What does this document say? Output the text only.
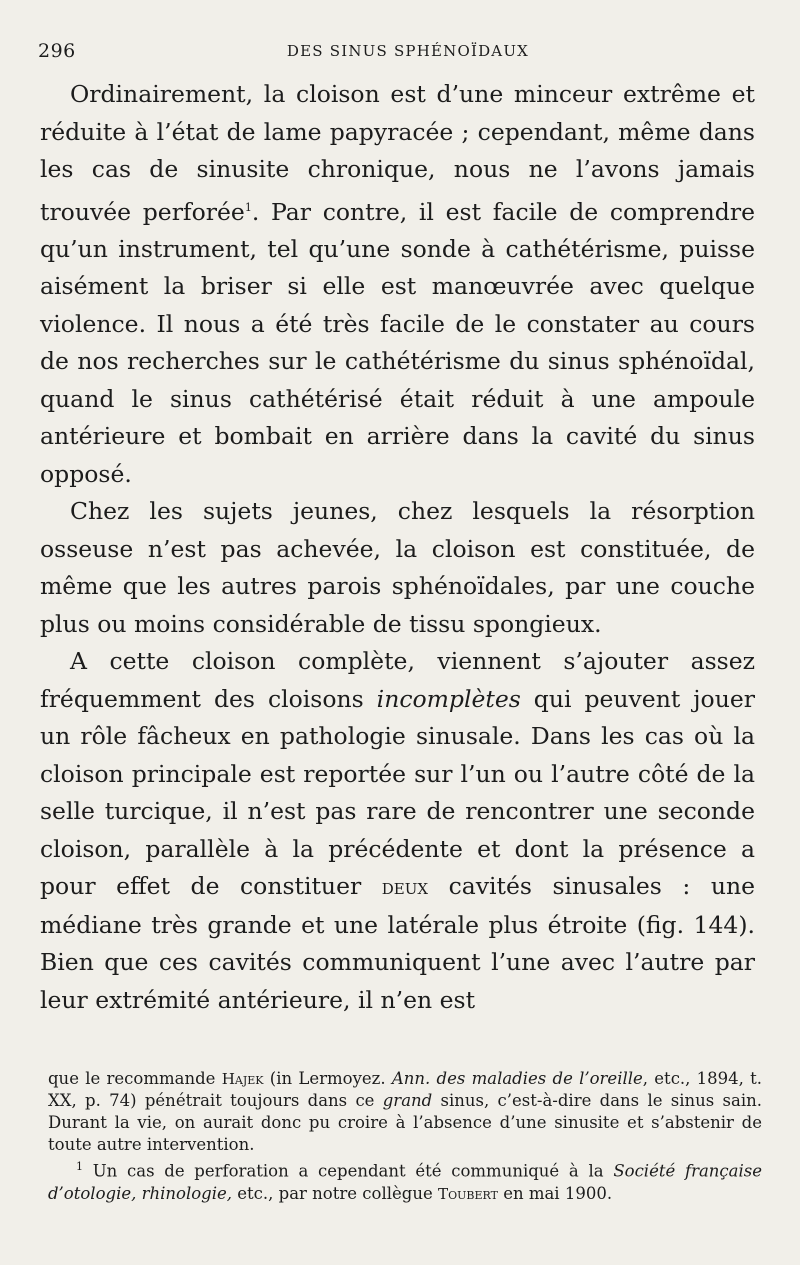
296	DES SINUS SPHÉNOÏDAUX

Ordinairement, la cloison est d’une minceur extrême et réduite à l’état de lame papyracée ; cependant, même dans les cas de sinusite chronique, nous ne l’avons jamais trouvée perforée$^1$. Par contre, il est facile de comprendre qu’un instrument, tel qu’une sonde à cathétérisme, puisse aisément la briser si elle est manœuvrée avec quelque violence. Il nous a été très facile de le constater au cours de nos recherches sur le cathétérisme du sinus sphénoïdal, quand le sinus cathétérisé était réduit à une ampoule antérieure et bombait en arrière dans la cavité du sinus opposé.

Chez les sujets jeunes, chez lesquels la résorption osseuse n’est pas achevée, la cloison est constituée, de même que les autres parois sphénoïdales, par une couche plus ou moins considérable de tissu spongieux.

A cette cloison complète, viennent s’ajouter assez fréquemment des cloisons incomplètes qui peuvent jouer un rôle fâcheux en pathologie sinusale. Dans les cas où la cloison principale est reportée sur l’un ou l’autre côté de la selle turcique, il n’est pas rare de rencontrer une seconde cloison, parallèle à la précédente et dont la présence a pour effet de constituer deux cavités sinusales : une médiane très grande et une latérale plus étroite (fig. 144). Bien que ces cavités communiquent l’une avec l’autre par leur extrémité antérieure, il n’en est

que le recommande Hajek (in Lermoyez. Ann. des maladies de l’oreille, etc., 1894, t. XX, p. 74) pénétrait toujours dans ce grand sinus, c’est-à-dire dans le sinus sain. Durant la vie, on aurait donc pu croire à l’absence d’une sinusite et s’abstenir de toute autre intervention.

$^1$ Un cas de perforation a cependant été communiqué à la Société française d’otologie, rhinologie, etc., par notre collègue Toubert en mai 1900.
